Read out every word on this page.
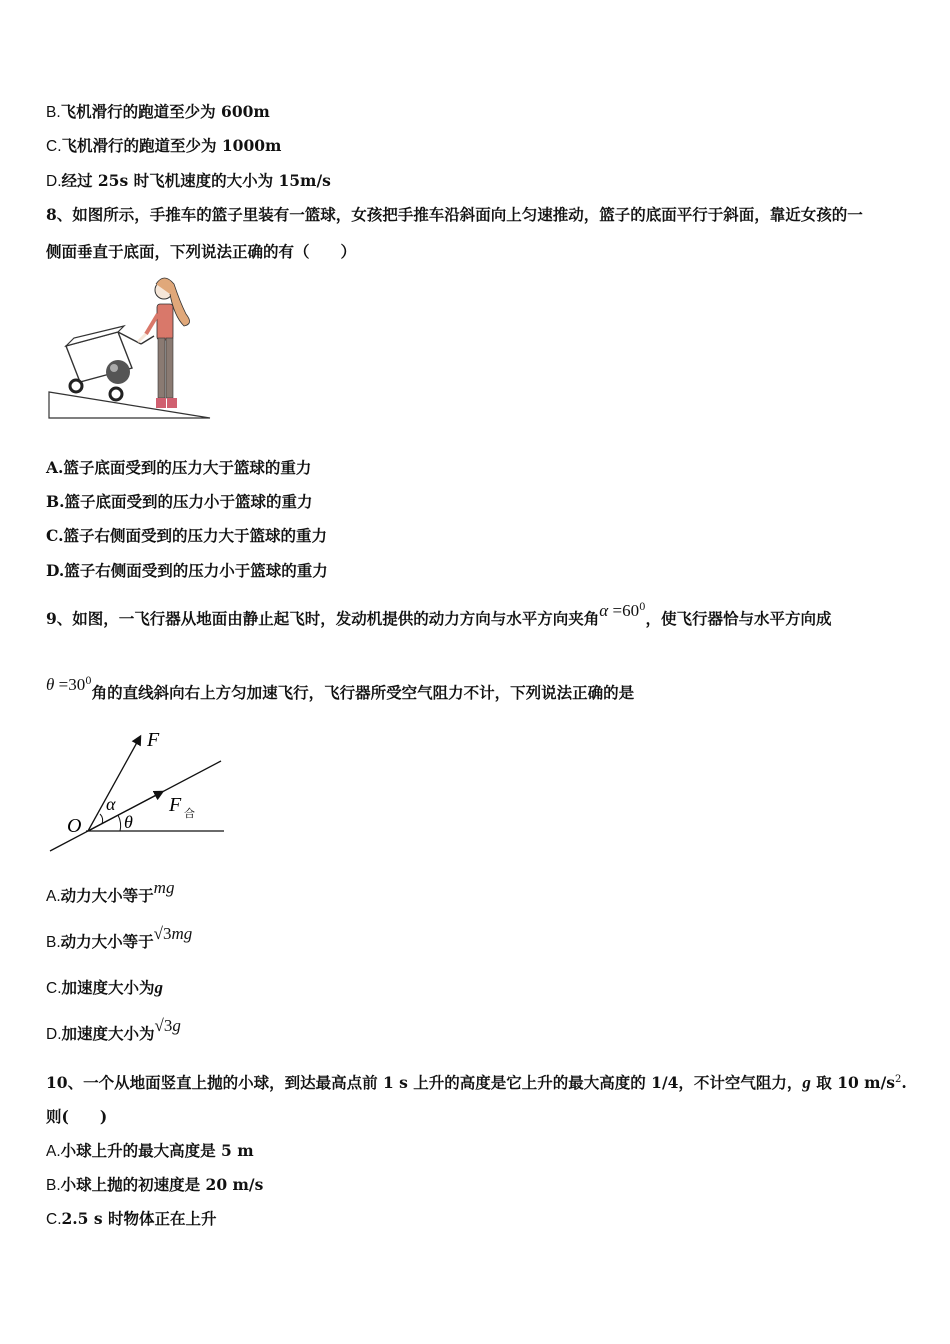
B.飞机滑行的跑道至少为 600m
C.飞机滑行的跑道至少为 1000m
D.经过 25s 时飞机速度的大小为 15m/s
8、如图所示，手推车的篮子里装有一篮球，女孩把手推车沿斜面向上匀速推动，篮子的底面平行于斜面，靠近女孩的一
侧面垂直于底面，下列说法正确的有（　　）
A.篮子底面受到的压力大于篮球的重力
B.篮子底面受到的压力小于篮球的重力
C.篮子右侧面受到的压力大于篮球的重力
D.篮子右侧面受到的压力小于篮球的重力
9、如图，一飞行器从地面由静止起飞时，发动机提供的动力方向与水平方向夹角$\alpha =60^0$，使飞行器恰与水平方向成
$\theta =30^0$角的直线斜向右上方匀加速飞行，飞行器所受空气阻力不计，下列说法正确的是
F
F 合
O
α
θ
A.动力大小等于mg
B.动力大小等于√3mg
C.加速度大小为g
D.加速度大小为√3g
10、一个从地面竖直上抛的小球，到达最高点前 1 s 上升的高度是它上升的最大高度的 1/4，不计空气阻力，g 取 10 $m/s^2$.
则(　　)
A.小球上升的最大高度是 5 m
B.小球上抛的初速度是 20 m/s
C.2.5 s 时物体正在上升
